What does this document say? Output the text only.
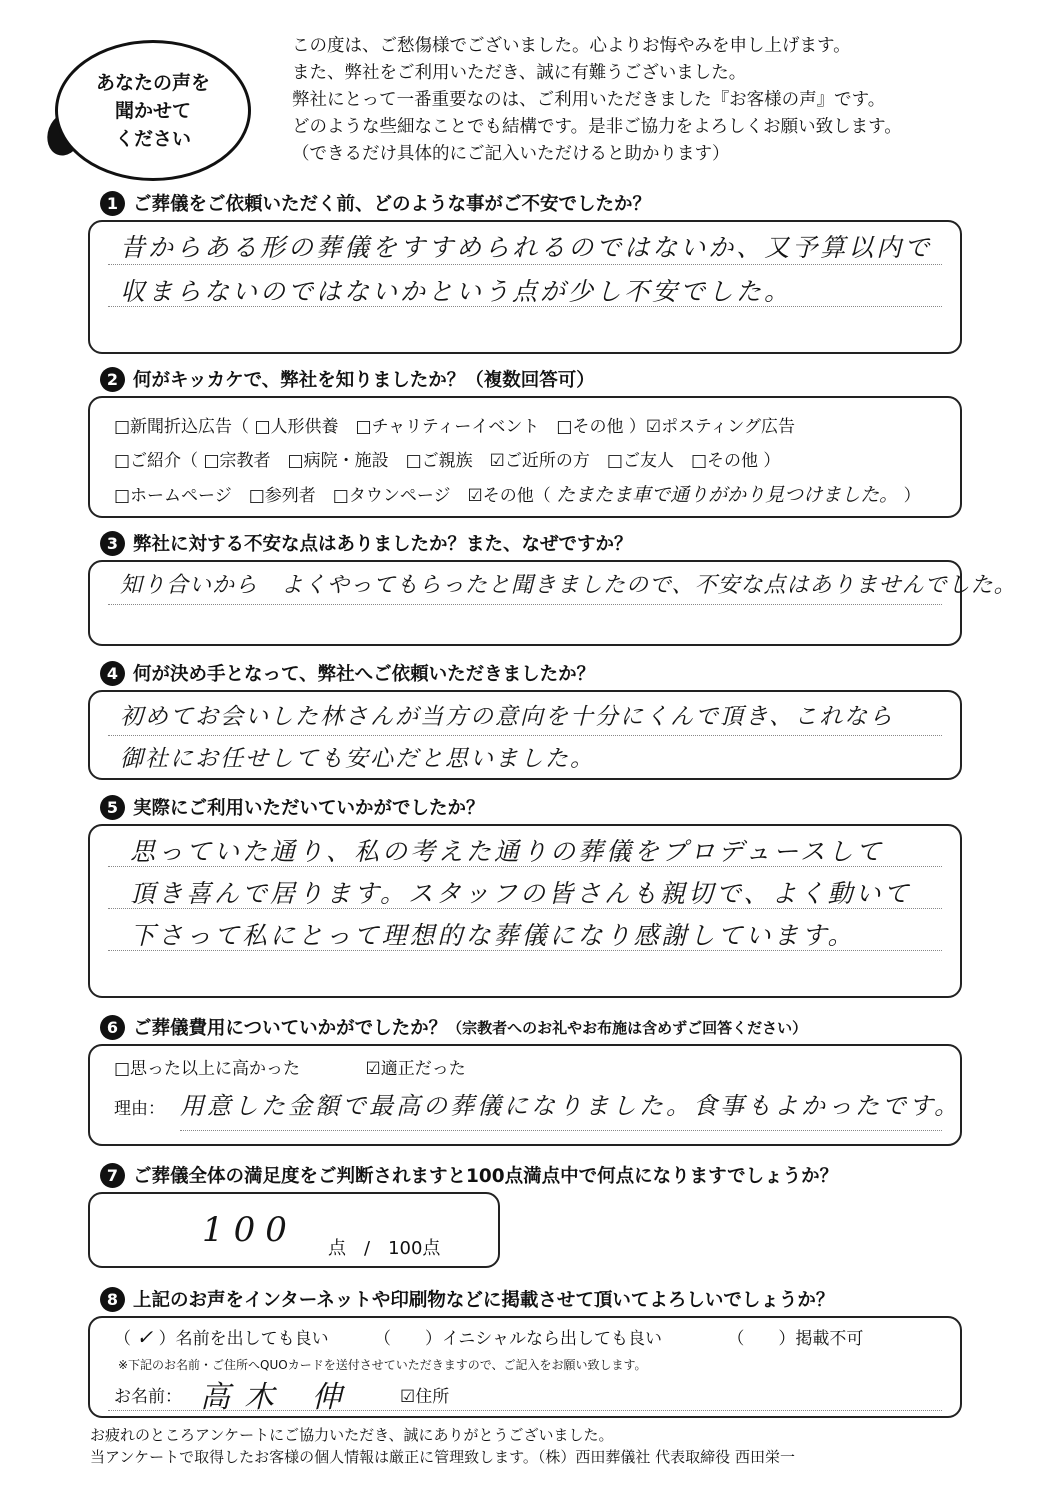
あなたの声を
聞かせて
ください
この度は、ご愁傷様でございました。心よりお悔やみを申し上げます。
また、弊社をご利用いただき、誠に有難うございました。
弊社にとって一番重要なのは、ご利用いただきました『お客様の声』です。
どのような些細なことでも結構です。是非ご協力をよろしくお願い致します。
（できるだけ具体的にご記入いただけると助かります）
1 ご葬儀をご依頼いただく前、どのような事がご不安でしたか？
昔からある形の葬儀をすすめられるのではないか、又予算以内で
収まらないのではないかという点が少し不安でした。
2 何がキッカケで、弊社を知りましたか？（複数回答可）
□新聞折込広告（ □人形供養　□チャリティーイベント　□その他 ）☑ポスティング広告
□ご紹介（ □宗教者　□病院・施設　□ご親族　☑ご近所の方　□ご友人　□その他 ）
□ホームページ　□参列者　□タウンページ　☑その他（ たまたま車で通りがかり見つけました。 ）
3 弊社に対する不安な点はありましたか？また、なぜですか？
知り合いから　よくやってもらったと聞きましたので、不安な点はありませんでした。
4 何が決め手となって、弊社へご依頼いただきましたか？
初めてお会いした林さんが当方の意向を十分にくんで頂き、これなら
御社にお任せしても安心だと思いました。
5 実際にご利用いただいていかがでしたか？
思っていた通り、私の考えた通りの葬儀をプロデュースして
頂き喜んで居ります。スタッフの皆さんも親切で、よく動いて
下さって私にとって理想的な葬儀になり感謝しています。
6 ご葬儀費用についていかがでしたか？ （宗教者へのお礼やお布施は含めずご回答ください）
□思った以上に高かった	☑適正だった
理由： 用意した金額で最高の葬儀になりました。食事もよかったです。
7 ご葬儀全体の満足度をご判断されますと100点満点中で何点になりますでしょうか？
100 点　/　100点
8 上記のお声をインターネットや印刷物などに掲載させて頂いてよろしいでしょうか？
（ ✓ ）名前を出しても良い	（　　）イニシャルなら出しても良い	（　　）掲載不可
※下記のお名前・ご住所へQUOカードを送付させていただきますので、ご記入をお願い致します。
お名前： 高木 伸	☑住所
お疲れのところアンケートにご協力いただき、誠にありがとうございました。
当アンケートで取得したお客様の個人情報は厳正に管理致します。（株）西田葬儀社 代表取締役 西田栄一
